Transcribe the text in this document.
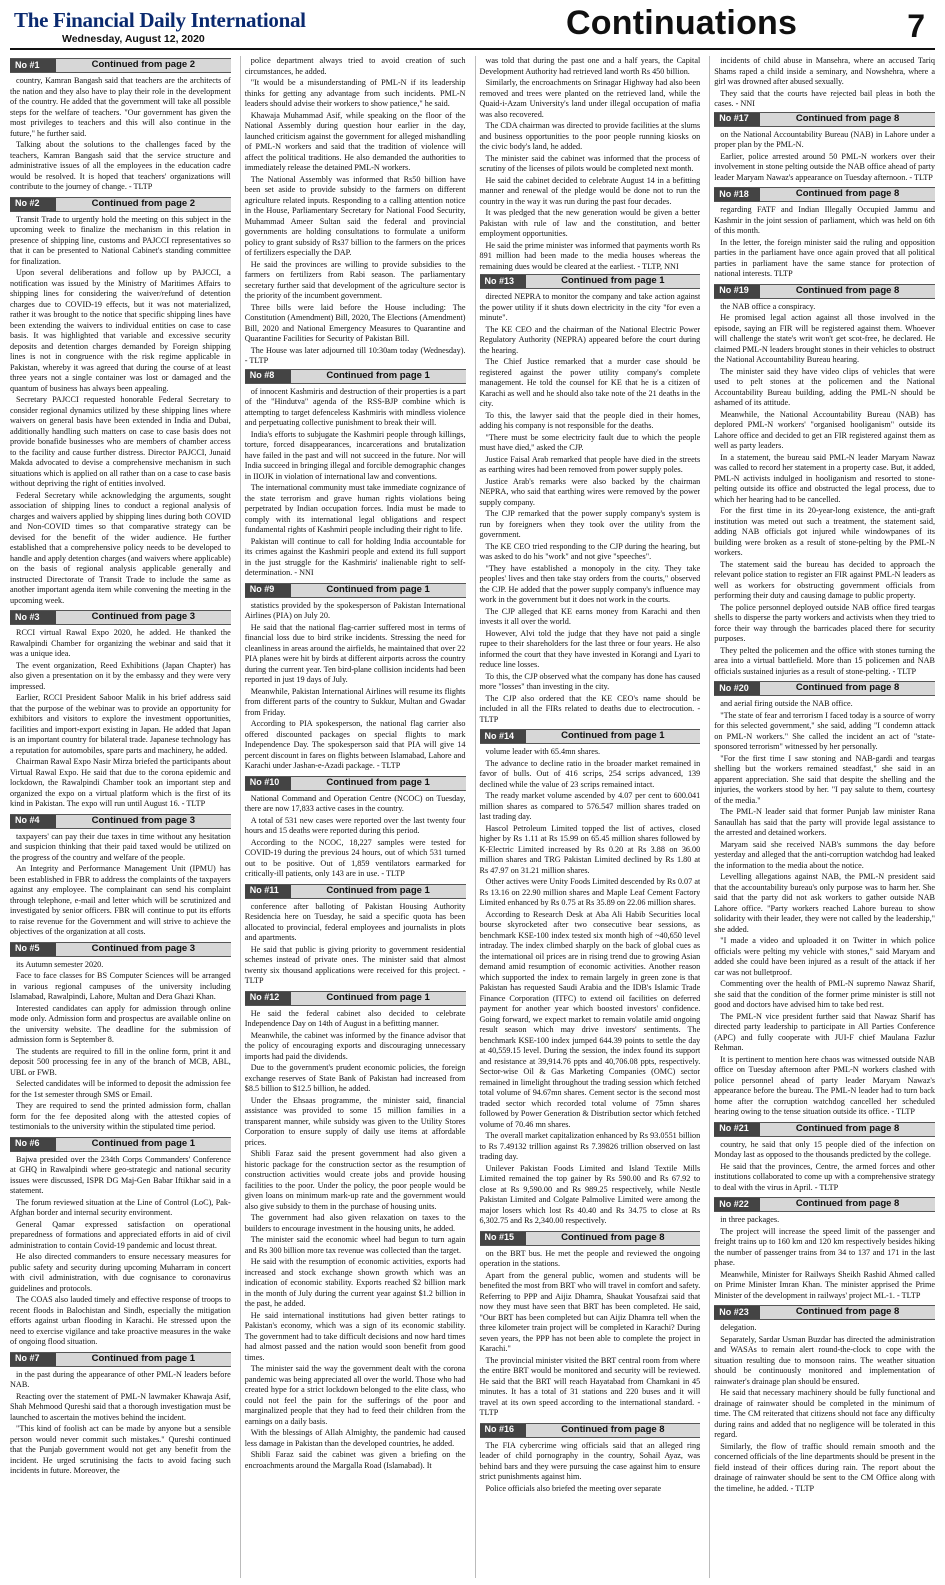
The Financial Daily International
Wednesday, August 12, 2020	Continuations	7
No #1	Continued from page 2

country, Kamran Bangash said that teachers are the architects of the nation and they also have to play their role in the development of the country. He added that the government will take all possible steps for the welfare of teachers. "Our government has given the most privileges to teachers and this will also continue in the future," he further said.

Talking about the solutions to the challenges faced by the teachers, Kamran Bangash said that the service structure and administrative issues of all the employees in the education cadre would be resolved. It is hoped that teachers' organizations will contribute to the journey of change. - TLTP

No #2	Continued from page 2

Transit Trade to urgently hold the meeting on this subject in the upcoming week to finalize the mechanism in this relation in presence of shipping line, customs and PAJCCI representatives so that it can be presented to National Cabinet's standing committee for finalization.

Upon several deliberations and follow up by PAJCCI, a notification was issued by the Ministry of Maritimes Affairs to shipping lines for considering the waiver/refund of detention charges due to COVID-19 effects, but it was not materialized, rather it was brought to the notice that specific shipping lines have been extending the waivers to individual entities on case to case basis. It was highlighted that variable and excessive security deposits and detention charges demanded by Foreign shipping lines is not in congruence with the risk regime applicable in Pakistan, whereby it was agreed that during the course of at least three years not a single container was lost or damaged and the quantum of business has always been appealing.

Secretary PAJCCI requested honorable Federal Secretary to consider regional dynamics utilized by these shipping lines where waivers on general basis have been extended in India and Dubai, additionally handling such matters on case to case basis does not provide bonafide businesses who are members of chamber access to the facility and cause further distress. Director PAJCCI, Junaid Makda advocated to devise a comprehensive mechanism in such situations which is applied on all rather than on a case to case basis without depriving the right of entities involved.

Federal Secretary while acknowledging the arguments, sought association of shipping lines to conduct a regional analysis of charges and waivers applied by shipping lines during both COVID and Non-COVID times so that comparative strategy can be devised for the benefit of the wider audience. He further established that a comprehensive policy needs to be developed to handle and apply detention charges (and waivers where applicable) on the basis of regional analysis applicable generally and instructed Directorate of Transit Trade to include the same as another important agenda item while convening the meeting in the upcoming week.

No #3	Continued from page 3

RCCI virtual Rawal Expo 2020, he added. He thanked the Rawalpindi Chamber for organizing the webinar and said that it was a unique idea.

The event organization, Reed Exhibitions (Japan Chapter) has also given a presentation on it by the embassy and they were very impressed.

Earlier, RCCI President Saboor Malik in his brief address said that the purpose of the webinar was to provide an opportunity for exhibitors and visitors to explore the investment opportunities, facilities and import-export existing in Japan. He added that Japan is an important country for bilateral trade. Japanese technology has a reputation for automobiles, spare parts and machinery, he added.

Chairman Rawal Expo Nasir Mirza briefed the participants about Virtual Rawal Expo. He said that due to the corona epidemic and lockdown, the Rawalpindi Chamber took an important step and organized the expo on a virtual platform which is the first of its kind in Pakistan. The expo will run until August 16. - TLTP

No #4	Continued from page 3

taxpayers' can pay their due taxes in time without any hesitation and suspicion thinking that their paid taxed would be utilized on the progress of the country and welfare of the people.

An Integrity and Performance Management Unit (IPMU) has been established in FBR to address the complaints of the taxpayers against any employee. The complainant can send his complaint through telephone, e-mail and letter which will be scrutinized and investigated by senior officers. FBR will continue to put its efforts to raise revenue for the Government and will strive to achieve the objectives of the organization at all costs.

No #5	Continued from page 3

its Autumn semester 2020.

Face to face classes for BS Computer Sciences will be arranged in various regional campuses of the university including Islamabad, Rawalpindi, Lahore, Multan and Dera Ghazi Khan.

Interested candidates can apply for admission through online mode only. Admission form and prospectus are available online on the university website. The deadline for the submission of admission form is September 8.

The students are required to fill in the online form, print it and deposit 500 processing fee in any of the branch of MCB, ABL, UBL or FWB.

Selected candidates will be informed to deposit the admission fee for the 1st semester through SMS or Email.

They are required to send the printed admission form, challan form for the fee deposited along with the attested copies of testimonials to the university within the stipulated time period.

No #6	Continued from page 1

Bajwa presided over the 234th Corps Commanders' Conference at GHQ in Rawalpindi where geo-strategic and national security issues were discussed, ISPR DG Maj-Gen Babar Iftikhar said in a statement.

The forum reviewed situation at the Line of Control (LoC), Pak-Afghan border and internal security environment.

General Qamar expressed satisfaction on operational preparedness of formations and appreciated efforts in aid of civil administration to contain Covid-19 pandemic and locust threat.

He also directed commanders to ensure necessary measures for public safety and security during upcoming Muharram in concert with civil administration, with due cognisance to coronavirus guidelines and protocols.

The COAS also lauded timely and effective response of troops to recent floods in Balochistan and Sindh, especially the mitigation efforts against urban flooding in Karachi. He stressed upon the need to exercise vigilance and take proactive measures in the wake of ongoing flood situation.

No #7	Continued from page 1

in the past during the appearance of other PML-N leaders before NAB.

Reacting over the statement of PML-N lawmaker Khawaja Asif, Shah Mehmood Qureshi said that a thorough investigation must be launched to ascertain the motives behind the incident.

"This kind of foolish act can be made by anyone but a sensible person would never commit such mistakes." Qureshi continued that the Punjab government would not get any benefit from the incident. He urged scrutinising the facts to avoid facing such incidents in future. Moreover, the

police department always tried to avoid creation of such circumstances, he added.

"It would be a misunderstanding of PML-N if its leadership thinks for getting any advantage from such incidents. PML-N leaders should advise their workers to show patience," he said.

Khawaja Muhammad Asif, while speaking on the floor of the National Assembly during question hour earlier in the day, launched criticism against the government for alleged mishandling of PML-N workers and said that the tradition of violence will affect the political traditions. He also demanded the authorities to immediately release the detained PML-N workers.

The National Assembly was informed that Rs50 billion have been set aside to provide subsidy to the farmers on different agriculture related inputs. Responding to a calling attention notice in the House, Parliamentary Secretary for National Food Security, Muhammad Ameer Sultan said the federal and provincial governments are holding consultations to formulate a uniform policy to grant subsidy of Rs37 billion to the farmers on the prices of fertilizers especially the DAP.

He said the provinces are willing to provide subsidies to the farmers on fertilizers from Rabi season. The parliamentary secretary further said that development of the agriculture sector is the priority of the incumbent government.

Three bills were laid before the House including: The Constitution (Amendment) Bill, 2020, The Elections (Amendment) Bill, 2020 and National Emergency Measures to Quarantine and Quarantine Facilities for Security of Pakistan Bill.

The House was later adjourned till 10:30am today (Wednesday). - TLTP

No #8	Continued from page 1

of innocent Kashmiris and destruction of their properties is a part of the "Hindutva" agenda of the RSS-BJP combine which is attempting to target defenceless Kashmiris with mindless violence and perpetuating collective punishment to break their will.

India's efforts to subjugate the Kashmiri people through killings, torture, forced disappearances, incarcerations and brutalization have failed in the past and will not succeed in the future. Nor will India succeed in bringing illegal and forcible demographic changes in IIOJK in violation of international law and conventions.

The international community must take immediate cognizance of the state terrorism and grave human rights violations being perpetrated by Indian occupation forces. India must be made to comply with its international legal obligations and respect fundamental rights of Kashmiri people including their right to life.

Pakistan will continue to call for holding India accountable for its crimes against the Kashmiri people and extend its full support in the just struggle for the Kashmiris' inalienable right to self-determination. - NNI

No #9	Continued from page 1

statistics provided by the spokesperson of Pakistan International Airlines (PIA) on July 20.

He said that the national flag-carrier suffered most in terms of financial loss due to bird strike incidents. Stressing the need for cleanliness in areas around the airfields, he maintained that over 22 PIA planes were hit by birds at different airports across the country during the current year. Ten bird-plane collision incidents had been reported in just 19 days of July.

Meanwhile, Pakistan International Airlines will resume its flights from different parts of the country to Sukkur, Multan and Gwadar from Friday.

According to PIA spokesperson, the national flag carrier also offered discounted packages on special flights to mark Independence Day. The spokesperson said that PIA will give 14 percent discount in fares on flights between Islamabad, Lahore and Karachi under Jashan-e-Azadi package. - TLTP

No #10	Continued from page 1

National Command and Operation Centre (NCOC) on Tuesday, there are now 17,833 active cases in the country.

A total of 531 new cases were reported over the last twenty four hours and 15 deaths were reported during this period.

According to the NCOC, 18,227 samples were tested for COVID-19 during the previous 24 hours, out of which 531 turned out to be positive. Out of 1,859 ventilators earmarked for critically-ill patients, only 143 are in use. - TLTP

No #11	Continued from page 1

conference after balloting of Pakistan Housing Authority Residencia here on Tuesday, he said a specific quota has been allocated to provincial, federal employees and journalists in plots and apartments.

He said that public is giving priority to government residential schemes instead of private ones. The minister said that almost twenty six thousand applications were received for this project. - TLTP

No #12	Continued from page 1

He said the federal cabinet also decided to celebrate Independence Day on 14th of August in a befitting manner.

Meanwhile, the cabinet was informed by the finance advisor that the policy of encouraging exports and discouraging unnecessary imports had paid the dividends.

Due to the government's prudent economic policies, the foreign exchange reserves of State Bank of Pakistan had increased from $8.5 billion to $12.5 billion, he added.

Under the Ehsaas programme, the minister said, financial assistance was provided to some 15 million families in a transparent manner, while subsidy was given to the Utility Stores Corporation to ensure supply of daily use items at affordable prices.

Shibli Faraz said the present government had also given a historic package for the construction sector as the resumption of construction activities would create jobs and provide housing facilities to the poor. Under the policy, the poor people would be given loans on minimum mark-up rate and the government would also give subsidy to them in the purchase of housing units.

The government had also given relaxation on taxes to the builders to encourage investment in the housing units, he added.

The minister said the economic wheel had begun to turn again and Rs 300 billion more tax revenue was collected than the target.

He said with the resumption of economic activities, exports had increased and stock exchange shown growth which was an indication of economic stability. Exports reached $2 billion mark in the month of July during the current year against $1.2 billion in the past, he added.

He said international institutions had given better ratings to Pakistan's economy, which was a sign of its economic stability. The government had to take difficult decisions and now hard times had almost passed and the nation would soon benefit from good times.

The minister said the way the government dealt with the corona pandemic was being appreciated all over the world. Those who had created hype for a strict lockdown belonged to the elite class, who could not feel the pain for the sufferings of the poor and marginalized people that they had to feed their children from the earnings on a daily basis.

With the blessings of Allah Almighty, the pandemic had caused less damage in Pakistan than the developed countries, he added.

Shibli Faraz said the cabinet was given a briefing on the encroachments around the Margalla Road (Islamabad). It

was told that during the past one and a half years, the Capital Development Authority had retrieved land worth Rs 450 billion.

Similarly, the encroachments on Srinagar Highway had also been removed and trees were planted on the retrieved land, while the Quaid-i-Azam University's land under illegal occupation of mafia was also recovered.

The CDA chairman was directed to provide facilities at the slums and business opportunities to the poor people running kiosks on the civic body's land, he added.

The minister said the cabinet was informed that the process of scrutiny of the licenses of pilots would be completed next month.

He said the cabinet decided to celebrate August 14 in a befitting manner and renewal of the pledge would be done not to run the country in the way it was run during the past four decades.

It was pledged that the new generation would be given a better Pakistan with rule of law and the constitution, and better employment opportunities.

He said the prime minister was informed that payments worth Rs 891 million had been made to the media houses whereas the remaining dues would be cleared at the earliest. - TLTP, NNI

No #13	Continued from page 1

directed NEPRA to monitor the company and take action against the power utility if it shuts down electricity in the city "for even a minute".

The KE CEO and the chairman of the National Electric Power Regulatory Authority (NEPRA) appeared before the court during the hearing.

The Chief Justice remarked that a murder case should be registered against the power utility company's complete management. He told the counsel for KE that he is a citizen of Karachi as well and he should also take note of the 21 deaths in the city.

To this, the lawyer said that the people died in their homes, adding his company is not responsible for the deaths.

"There must be some electricity fault due to which the people must have died," asked the CJP.

Justice Faisal Arab remarked that people have died in the streets as earthing wires had been removed from power supply poles.

Justice Arab's remarks were also backed by the chairman NEPRA, who said that earthing wires were removed by the power supply company.

The CJP remarked that the power supply company's system is run by foreigners when they took over the utility from the government.

The KE CEO tried responding to the CJP during the hearing, but was asked to do his "work" and not give "speeches".

"They have established a monopoly in the city. They take peoples' lives and then take stay orders from the courts," observed the CJP. He added that the power supply company's influence may work in the government but it does not work in the courts.

The CJP alleged that KE earns money from Karachi and then invests it all over the world.

However, Alvi told the judge that they have not paid a single rupee to their shareholders for the last three or four years. He also informed the court that they have invested in Korangi and Lyari to reduce line losses.

To this, the CJP observed what the company has done has caused more "losses" than investing in the city.

The CJP also ordered that the KE CEO's name should be included in all the FIRs related to deaths due to electrocution. - TLTP

No #14	Continued from page 1

volume leader with 65.4mn shares.

The advance to decline ratio in the broader market remained in favor of bulls. Out of 416 scrips, 254 scrips advanced, 139 declined while the value of 23 scrips remained intact.

The ready market volume ascended by 4.07 per cent to 600.041 million shares as compared to 576.547 million shares traded on last trading day.

Hascol Petroleum Limited topped the list of actives, closed higher by Rs 1.11 at Rs 15.99 on 65.45 million shares followed by K-Electric Limited increased by Rs 0.20 at Rs 3.88 on 36.00 million shares and TRG Pakistan Limited declined by Rs 1.80 at Rs 47.97 on 31.21 million shares.

Other actives were Unity Foods Limited descended by Rs 0.07 at Rs 13.16 on 22.90 million shares and Maple Leaf Cement Factory Limited enhanced by Rs 0.75 at Rs 35.89 on 22.06 million shares.

According to Research Desk at Aba Ali Habib Securities local bourse skyrocketed after two consecutive bear sessions, as benchmark KSE-100 index tested six month high of ~40,650 level intraday. The index climbed sharply on the back of global cues as the international oil prices are in rising trend due to growing Asian demand amid resumption of economic activities. Another reason which supported the index to remain largely in green zone is that Pakistan has requested Saudi Arabia and the IDB's Islamic Trade Finance Corporation (ITFC) to extend oil facilities on deferred payment for another year which boosted investors' confidence. Going forward, we expect market to remain volatile amid ongoing result season which may drive investors' sentiments. The benchmark KSE-100 index jumped 644.39 points to settle the day at 40,559.15 level. During the session, the index found its support and resistance at 39,914.76 ppts and 40,706.08 ppts, respectively. Sector-wise Oil & Gas Marketing Companies (OMC) sector remained in limelight throughout the trading session which fetched total volume of 94.67mn shares. Cement sector is the second most traded sector which recorded total volume of 75mn shares followed by Power Generation & Distribution sector which fetched volume of 70.46 mn shares.

The overall market capitalization enhanced by Rs 93.0551 billion to Rs 7.49132 trillion against Rs 7.39826 trillion observed on last trading day.

Unilever Pakistan Foods Limited and Island Textile Mills Limited remained the top gainer by Rs 590.00 and Rs 67.92 to close at Rs 9,590.00 and Rs 989.25 respectively, while Nestle Pakistan Limited and Colgate Palmolive Limited were among the major losers which lost Rs 40.40 and Rs 34.75 to close at Rs 6,302.75 and Rs 2,340.00 respectively.

No #15	Continued from page 8

on the BRT bus. He met the people and reviewed the ongoing operation in the stations.

Apart from the general public, women and students will be benefited the most from BRT who will travel in comfort and safety. Referring to PPP and Aijiz Dhamra, Shaukat Yousafzai said that now they must have seen that BRT has been completed. He said, "Our BRT has been completed but can Aijiz Dhamra tell when the three kilometer train project will be completed in Karachi? During seven years, the PPP has not been able to complete the project in Karachi."

The provincial minister visited the BRT central room from where the entire BRT would be monitored and security will be reviewed. He said that the BRT will reach Hayatabad from Chamkani in 45 minutes. It has a total of 31 stations and 220 buses and it will travel at its own speed according to the international standard. - TLTP

No #16	Continued from page 8

The FIA cybercrime wing officials said that an alleged ring leader of child pornography in the country, Sohail Ayaz, was behind bars and they were pursuing the case against him to ensure strict punishments against him.

Police officials also briefed the meeting over separate

incidents of child abuse in Mansehra, where an accused Tariq Shams raped a child inside a seminary, and Nowshehra, where a girl was drowned after abused sexually.

They said that the courts have rejected bail pleas in both the cases. - NNI

No #17	Continued from page 8

on the National Accountability Bureau (NAB) in Lahore under a proper plan by the PML-N.

Earlier, police arrested around 50 PML-N workers over their involvement in stone pelting outside the NAB office ahead of party leader Maryam Nawaz's appearance on Tuesday afternoon. - TLTP

No #18	Continued from page 8

regarding FATF and Indian Illegally Occupied Jammu and Kashmir in the joint session of parliament, which was held on 6th of this month.

In the letter, the foreign minister said the ruling and opposition parties in the parliament have once again proved that all political parties in parliament have the same stance for protection of national interests. TLTP

No #19	Continued from page 8

the NAB office a conspiracy.

He promised legal action against all those involved in the episode, saying an FIR will be registered against them. Whoever will challenge the state's writ won't get scot-free, he declared. He claimed PML-N leaders brought stones in their vehicles to obstruct the National Accountability Bureau hearing.

The minister said they have video clips of vehicles that were used to pelt stones at the policemen and the National Accountability Bureau building, adding the PML-N should be ashamed of its attitude.

Meanwhile, the National Accountability Bureau (NAB) has deplored PML-N workers' "organised hooliganism" outside its Lahore office and decided to get an FIR registered against them as well as party leaders.

In a statement, the bureau said PML-N leader Maryam Nawaz was called to record her statement in a property case. But, it added, PML-N activists indulged in hooliganism and resorted to stone-pelting outside its office and obstructed the legal process, due to which her hearing had to be cancelled.

For the first time in its 20-year-long existence, the anti-graft institution was meted out such a treatment, the statement said, adding NAB officials got injured while windowpanes of its building were broken as a result of stone-pelting by the PML-N workers.

The statement said the bureau has decided to approach the relevant police station to register an FIR against PML-N leaders as well as workers for obstructing government officials from performing their duty and causing damage to public property.

The police personnel deployed outside NAB office fired teargas shells to disperse the party workers and activists when they tried to force their way through the barricades placed there for security purposes.

They pelted the policemen and the office with stones turning the area into a virtual battlefield. More than 15 policemen and NAB officials sustained injuries as a result of stone-pelting. - TLTP

No #20	Continued from page 8

and aerial firing outside the NAB office.

"The state of fear and terrorism I faced today is a source of worry for this selected government," she said, adding "I condemn attack on PML-N workers." She called the incident an act of "state-sponsored terrorism" witnessed by her personally.

"For the first time I saw stoning and NAB-gardi and teargas shelling but the workers remained steadfast," she said in an apparent appreciation. She said that despite the shelling and the injuries, the workers stood by her. "I pay salute to them, courtesy of the media."

The PML-N leader said that former Punjab law minister Rana Sanaullah has said that the party will provide legal assistance to the arrested and detained workers.

Maryam said she received NAB's summons the day before yesterday and alleged that the anti-corruption watchdog had leaked the information to the media about the notice.

Levelling allegations against NAB, the PML-N president said that the accountability bureau's only purpose was to harm her. She said that the party did not ask workers to gather outside NAB Lahore office. "Party workers reached Lahore bureau to show solidarity with their leader, they were not called by the leadership," she added.

"I made a video and uploaded it on Twitter in which police officials were pelting my vehicle with stones," said Maryam and added she could have been injured as a result of the attack if her car was not bulletproof.

Commenting over the health of PML-N supremo Nawaz Sharif, she said that the condition of the former prime minister is still not good and doctors have advised him to take bed rest.

The PML-N vice president further said that Nawaz Sharif has directed party leadership to participate in All Parties Conference (APC) and fully cooperate with JUI-F chief Maulana Fazlur Rehman.

It is pertinent to mention here chaos was witnessed outside NAB office on Tuesday afternoon after PML-N workers clashed with police personnel ahead of party leader Maryam Nawaz's appearance before the bureau. The PML-N leader had to turn back home after the corruption watchdog cancelled her scheduled hearing owing to the tense situation outside its office. - TLTP

No #21	Continued from page 8

country, he said that only 15 people died of the infection on Monday last as opposed to the thousands predicted by the college.

He said that the provinces, Centre, the armed forces and other institutions collaborated to come up with a comprehensive strategy to deal with the virus in April. - TLTP

No #22	Continued from page 8

in three packages.

The project will increase the speed limit of the passenger and freight trains up to 160 km and 120 km respectively besides hiking the number of passenger trains from 34 to 137 and 171 in the last phase.

Meanwhile, Minister for Railways Sheikh Rashid Ahmed called on Prime Minister Imran Khan. The minister apprised the Prime Minister of the development in railways' project ML-1. - TLTP

No #23	Continued from page 8

delegation.

Separately, Sardar Usman Buzdar has directed the administration and WASAs to remain alert round-the-clock to cope with the situation resulting due to monsoon rains. The weather situation should be continuously monitored and implementation of rainwater's drainage plan should be ensured.

He said that necessary machinery should be fully functional and drainage of rainwater should be completed in the minimum of time. The CM reiterated that citizens should not face any difficulty during rains and added that no negligence will be tolerated in this regard.

Similarly, the flow of traffic should remain smooth and the concerned officials of the line departments should be present in the field instead of their offices during rain. The report about the drainage of rainwater should be sent to the CM Office along with the timeline, he added. - TLTP
